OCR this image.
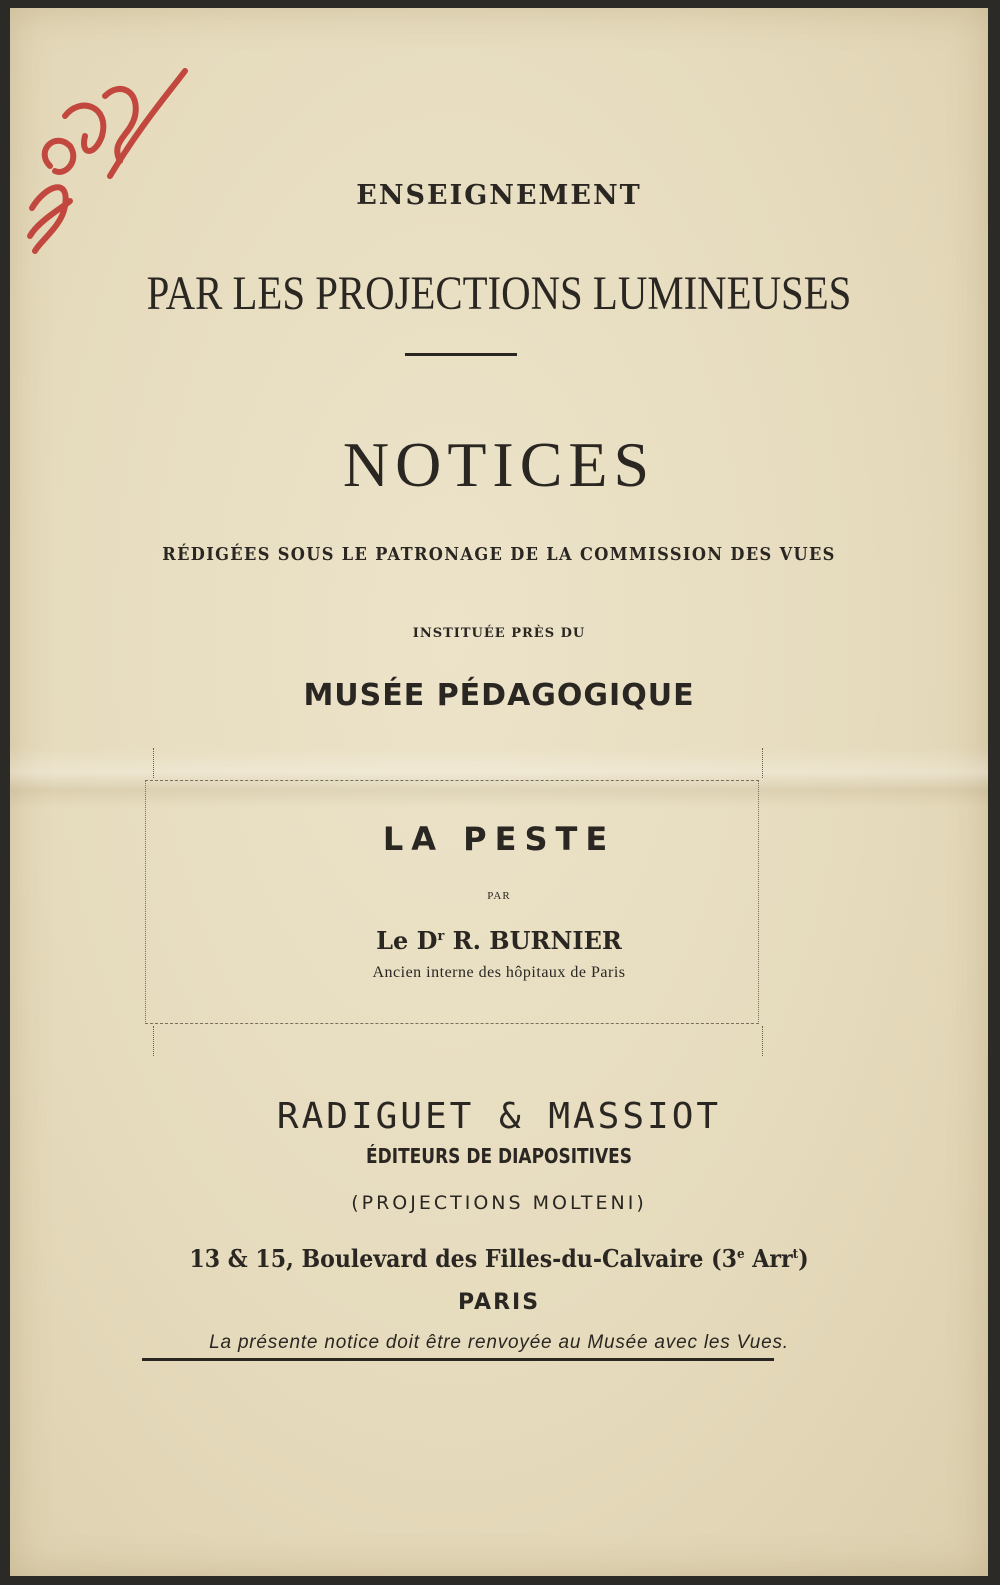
ENSEIGNEMENT
PAR LES PROJECTIONS LUMINEUSES
NOTICES
RÉDIGÉES SOUS LE PATRONAGE DE LA COMMISSION DES VUES
INSTITUÉE PRÈS DU
MUSÉE PÉDAGOGIQUE
LA PESTE
PAR
Le $D^r$ R. BURNIER
Ancien interne des hôpitaux de Paris
RADIGUET & MASSIOT
ÉDITEURS DE DIAPOSITIVES
(PROJECTIONS MOLTENI)
13 & 15, Boulevard des Filles-du-Calvaire (3e Arr$^t$)
PARIS
La présente notice doit être renvoyée au Musée avec les Vues.
